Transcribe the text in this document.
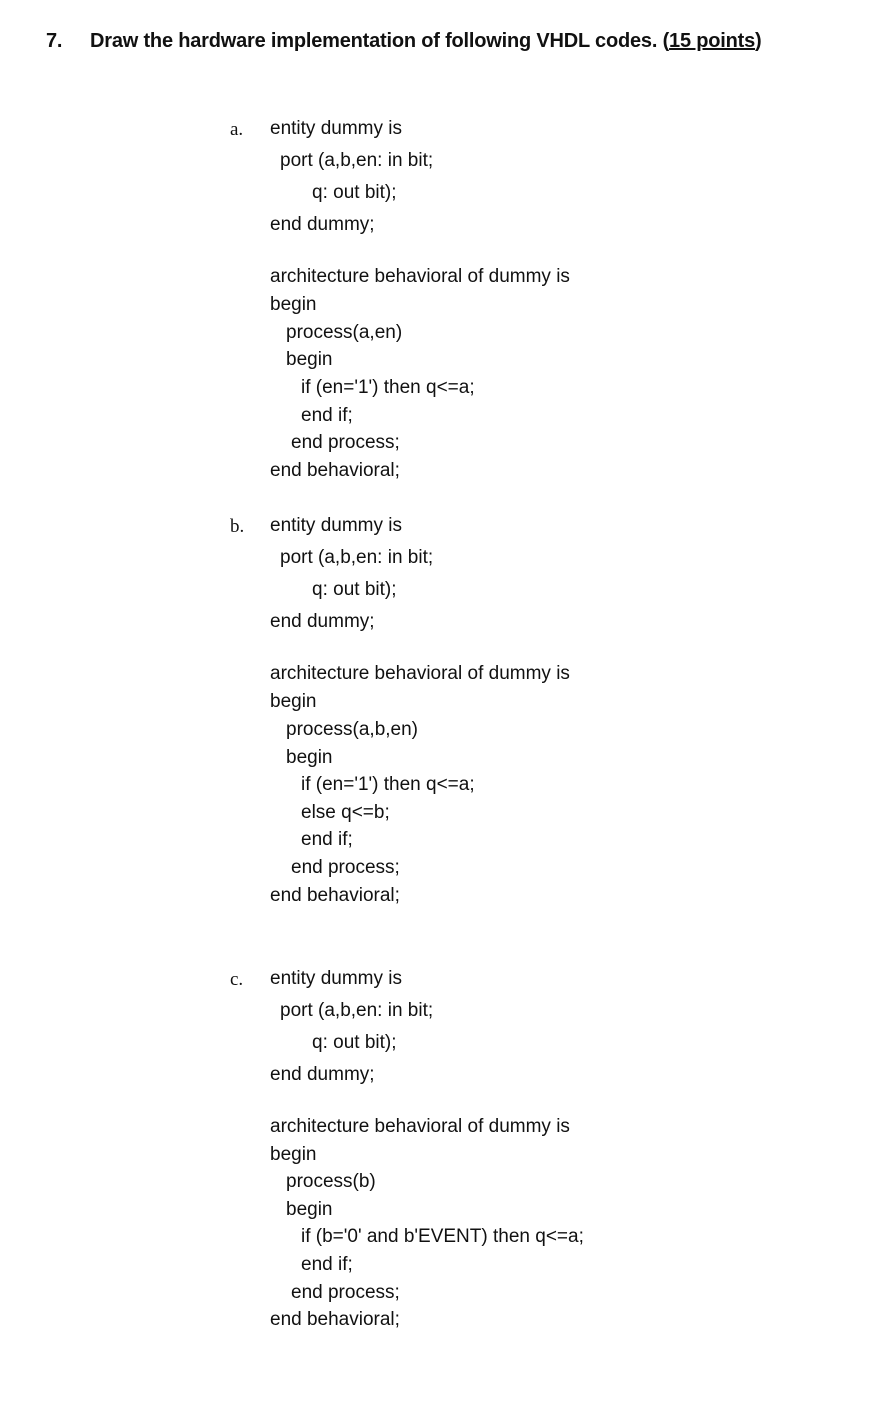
7. Draw the hardware implementation of following VHDL codes. (15 points)
a. entity dummy is
port (a,b,en: in bit;
q: out bit);
end dummy;
architecture behavioral of dummy is
begin
process(a,en)
begin
if (en='1') then q<=a;
end if;
end process;
end behavioral;
b. entity dummy is
port (a,b,en: in bit;
q: out bit);
end dummy;
architecture behavioral of dummy is
begin
process(a,b,en)
begin
if (en='1') then q<=a;
else q<=b;
end if;
end process;
end behavioral;
c. entity dummy is
port (a,b,en: in bit;
q: out bit);
end dummy;
architecture behavioral of dummy is
begin
process(b)
begin
if (b='0' and b'EVENT) then q<=a;
end if;
end process;
end behavioral;
